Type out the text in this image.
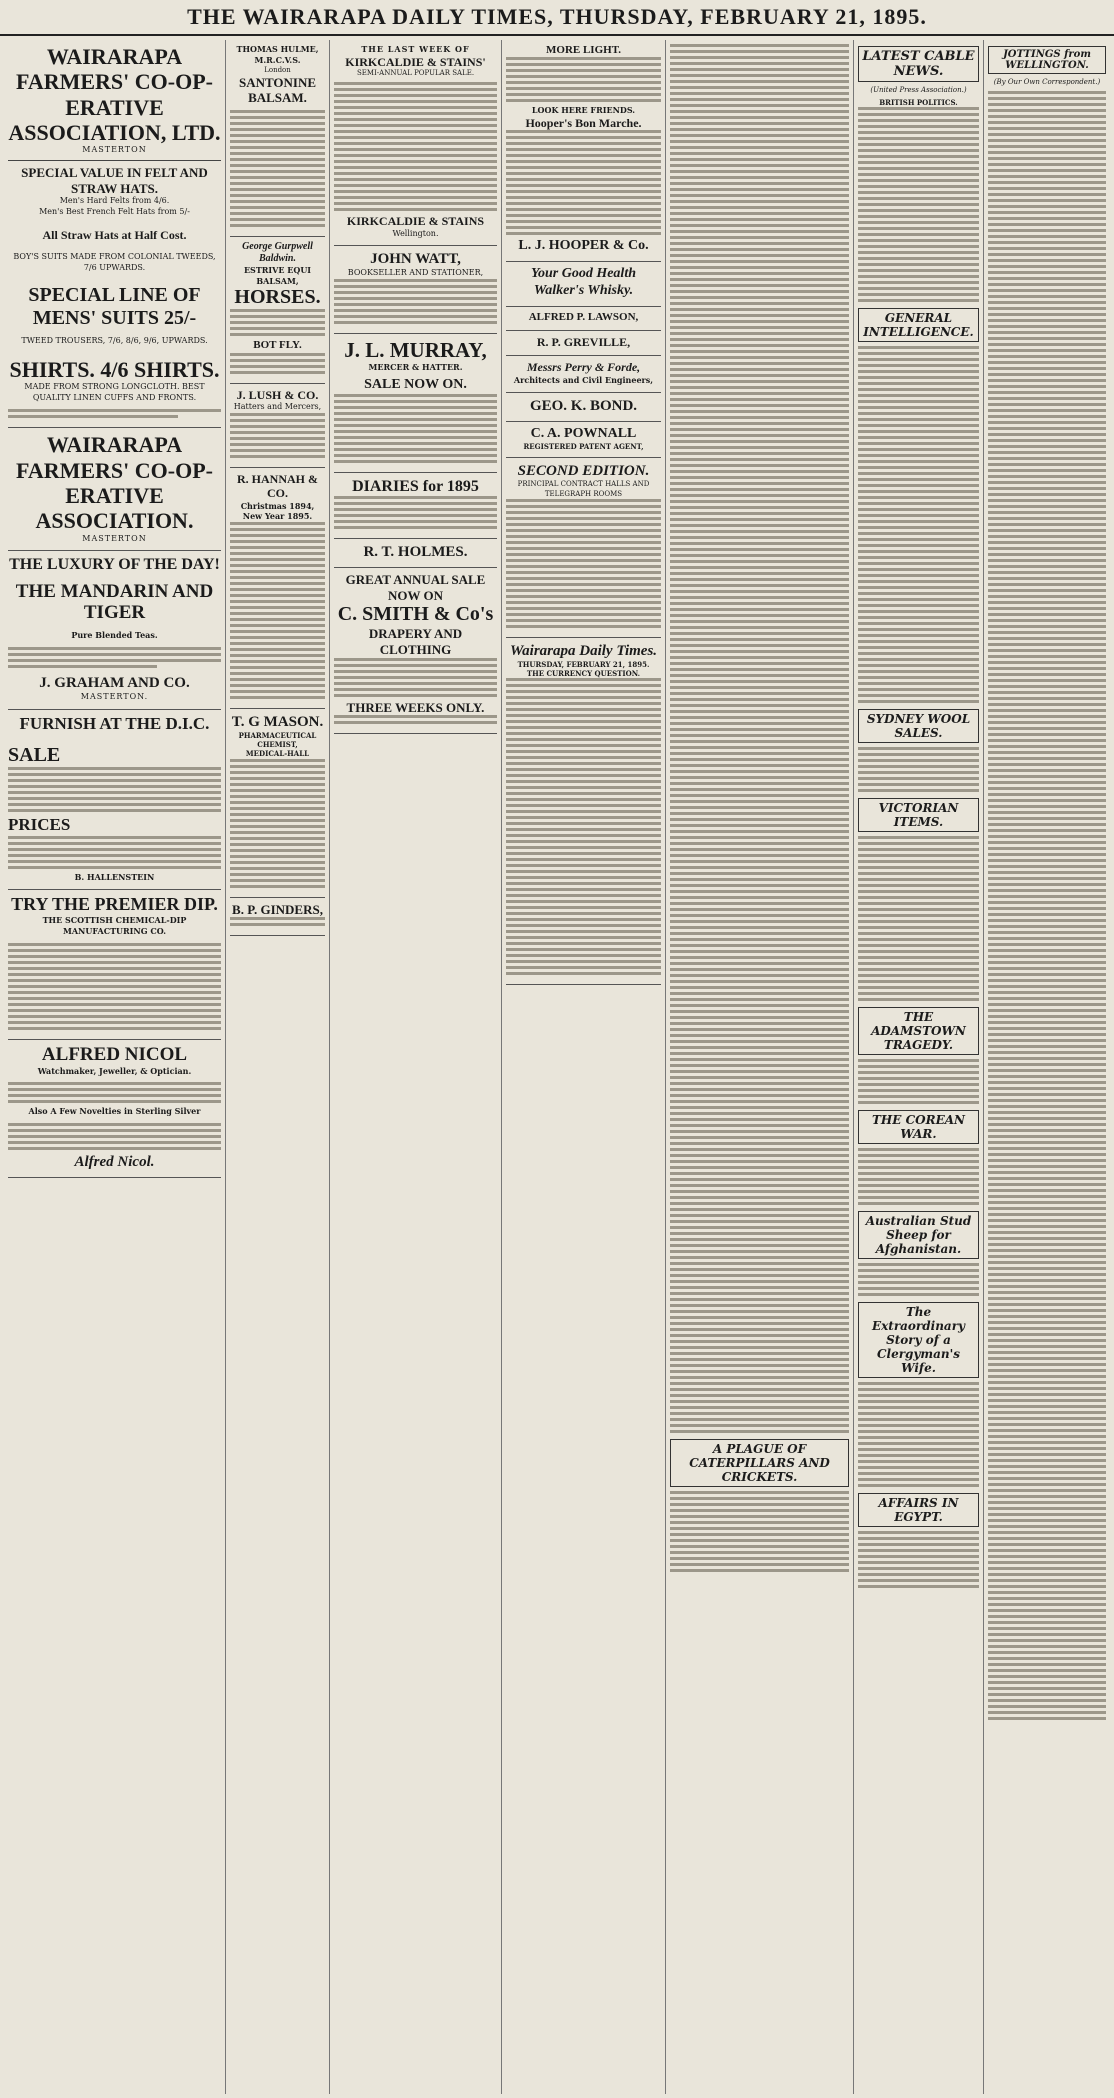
THE WAIRARAPA DAILY TIMES, THURSDAY, FEBRUARY 21, 1895.
WAIRARAPA FARMERS' CO-OP-ERATIVE ASSOCIATION, LTD.
MASTERTON
SPECIAL VALUE IN FELT AND STRAW HATS.
Men's Hard Felts from 4/6.
Men's Best French Felt Hats from 5/-
All Straw Hats at Half Cost.
BOY'S SUITS MADE FROM COLONIAL TWEEDS, 7/6 UPWARDS.
SPECIAL LINE OF MENS' SUITS 25/-
TWEED TROUSERS, 7/6, 8/6, 9/6, UPWARDS.
SHIRTS. 4/6 SHIRTS.
MADE FROM STRONG LONGCLOTH. BEST QUALITY LINEN CUFFS AND FRONTS.
WAIRARAPA FARMERS' CO-OP-ERATIVE ASSOCIATION.
MASTERTON
THE LUXURY OF THE DAY!
THE MANDARIN AND TIGER
Pure Blended Teas.
J. GRAHAM AND CO.
MASTERTON.
FURNISH AT THE D.I.C.
SALE
PRICES
B. HALLENSTEIN
TRY THE PREMIER DIP.
THE SCOTTISH CHEMICAL-DIP MANUFACTURING CO.
ALFRED NICOL
Watchmaker, Jeweller, & Optician.
Also A Few Novelties in Sterling Silver
Alfred Nicol.
THOMAS HULME, M.R.C.V.S.
London
SANTONINE BALSAM.
George Gurpwell Baldwin.
ESTRIVE EQUI BALSAM,
HORSES.
BOT FLY.
J. LUSH & CO.
Hatters and Mercers,
R. HANNAH & CO.
Christmas 1894,
New Year 1895.
T. G MASON.
PHARMACEUTICAL CHEMIST,
MEDICAL-HALL
B. P. GINDERS,
THE LAST WEEK OF
KIRKCALDIE & STAINS'
SEMI-ANNUAL POPULAR SALE.
KIRKCALDIE & STAINS
Wellington.
JOHN WATT,
BOOKSELLER AND STATIONER,
J. L. MURRAY,
MERCER & HATTER.
SALE NOW ON.
DIARIES for 1895
R. T. HOLMES.
GREAT ANNUAL SALE NOW ON
C. SMITH & Co's
DRAPERY AND CLOTHING
THREE WEEKS ONLY.
MORE LIGHT.
LOOK HERE FRIENDS.
Hooper's Bon Marche.
L. J. HOOPER & Co.
Your Good Health Walker's Whisky.
ALFRED P. LAWSON,
R. P. GREVILLE,
Messrs Perry & Forde,
Architects and Civil Engineers,
GEO. K. BOND.
C. A. POWNALL
REGISTERED PATENT AGENT,
SECOND EDITION.
PRINCIPAL CONTRACT HALLS AND TELEGRAPH ROOMS
Wairarapa Daily Times.
THURSDAY, FEBRUARY 21, 1895.
THE CURRENCY QUESTION.
A PLAGUE OF CATERPILLARS AND CRICKETS.
LATEST CABLE NEWS.
(United Press Association.)
BRITISH POLITICS.
GENERAL INTELLIGENCE.
SYDNEY WOOL SALES.
VICTORIAN ITEMS.
THE ADAMSTOWN TRAGEDY.
THE COREAN WAR.
Australian Stud Sheep for Afghanistan.
The Extraordinary Story of a Clergyman's Wife.
AFFAIRS IN EGYPT.
JOTTINGS from WELLINGTON.
(By Our Own Correspondent.)
